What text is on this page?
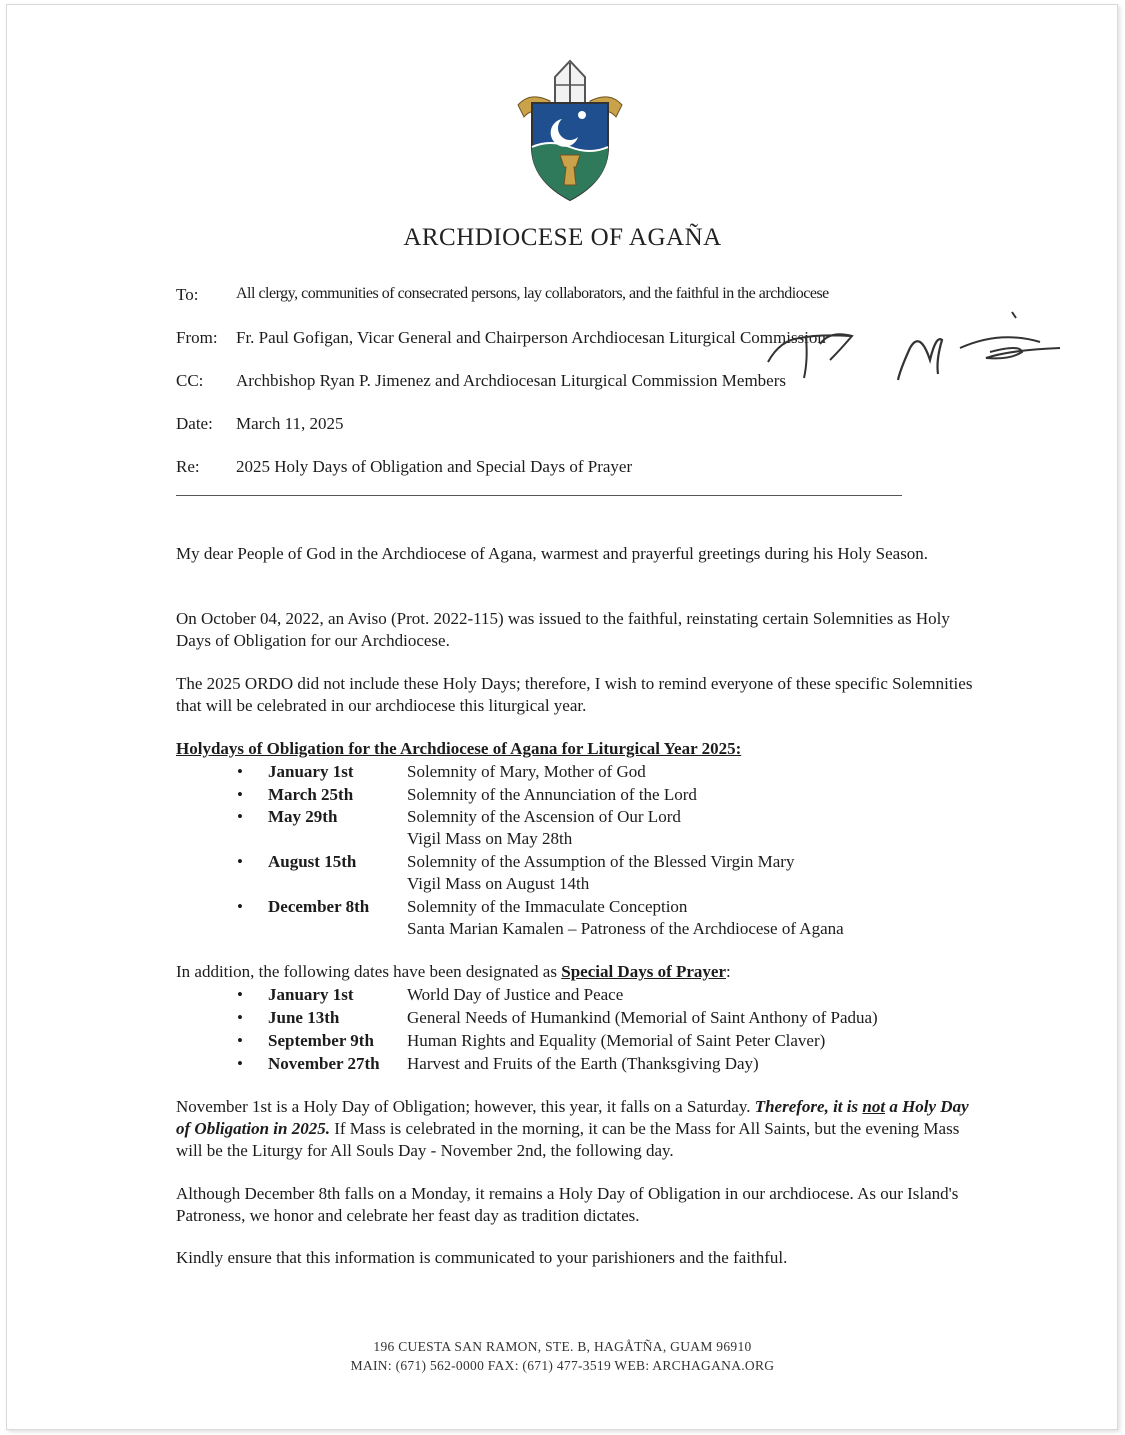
ARCHDIOCESE OF AGAÑA
To:	All clergy, communities of consecrated persons, lay collaborators, and the faithful in the archdiocese
From:	Fr. Paul Gofigan, Vicar General and Chairperson Archdiocesan Liturgical Commission
CC:	Archbishop Ryan P. Jimenez and Archdiocesan Liturgical Commission Members
Date:	March 11, 2025
Re:	2025 Holy Days of Obligation and Special Days of Prayer
My dear People of God in the Archdiocese of Agana, warmest and prayerful greetings during his Holy Season.
On October 04, 2022, an Aviso (Prot. 2022-115) was issued to the faithful, reinstating certain Solemnities as Holy Days of Obligation for our Archdiocese.
The 2025 ORDO did not include these Holy Days; therefore, I wish to remind everyone of these specific Solemnities that will be celebrated in our archdiocese this liturgical year.
Holydays of Obligation for the Archdiocese of Agana for Liturgical Year 2025:
•	January 1st	Solemnity of Mary, Mother of God
•	March 25th	Solemnity of the Annunciation of the Lord
•	May 29th	Solemnity of the Ascension of Our Lord
Vigil Mass on May 28th
•	August 15th	Solemnity of the Assumption of the Blessed Virgin Mary
Vigil Mass on August 14th
•	December 8th	Solemnity of the Immaculate Conception
Santa Marian Kamalen – Patroness of the Archdiocese of Agana
In addition, the following dates have been designated as Special Days of Prayer:
•	January 1st	World Day of Justice and Peace
•	June 13th	General Needs of Humankind (Memorial of Saint Anthony of Padua)
•	September 9th	Human Rights and Equality (Memorial of Saint Peter Claver)
•	November 27th	Harvest and Fruits of the Earth (Thanksgiving Day)
November 1st is a Holy Day of Obligation; however, this year, it falls on a Saturday. Therefore, it is not a Holy Day of Obligation in 2025. If Mass is celebrated in the morning, it can be the Mass for All Saints, but the evening Mass will be the Liturgy for All Souls Day - November 2nd, the following day.
Although December 8th falls on a Monday, it remains a Holy Day of Obligation in our archdiocese. As our Island's Patroness, we honor and celebrate her feast day as tradition dictates.
Kindly ensure that this information is communicated to your parishioners and the faithful.
196 CUESTA SAN RAMON, STE. B, HAGÅTÑA, GUAM 96910
MAIN: (671) 562-0000 FAX: (671) 477-3519 WEB: ARCHAGANA.ORG
